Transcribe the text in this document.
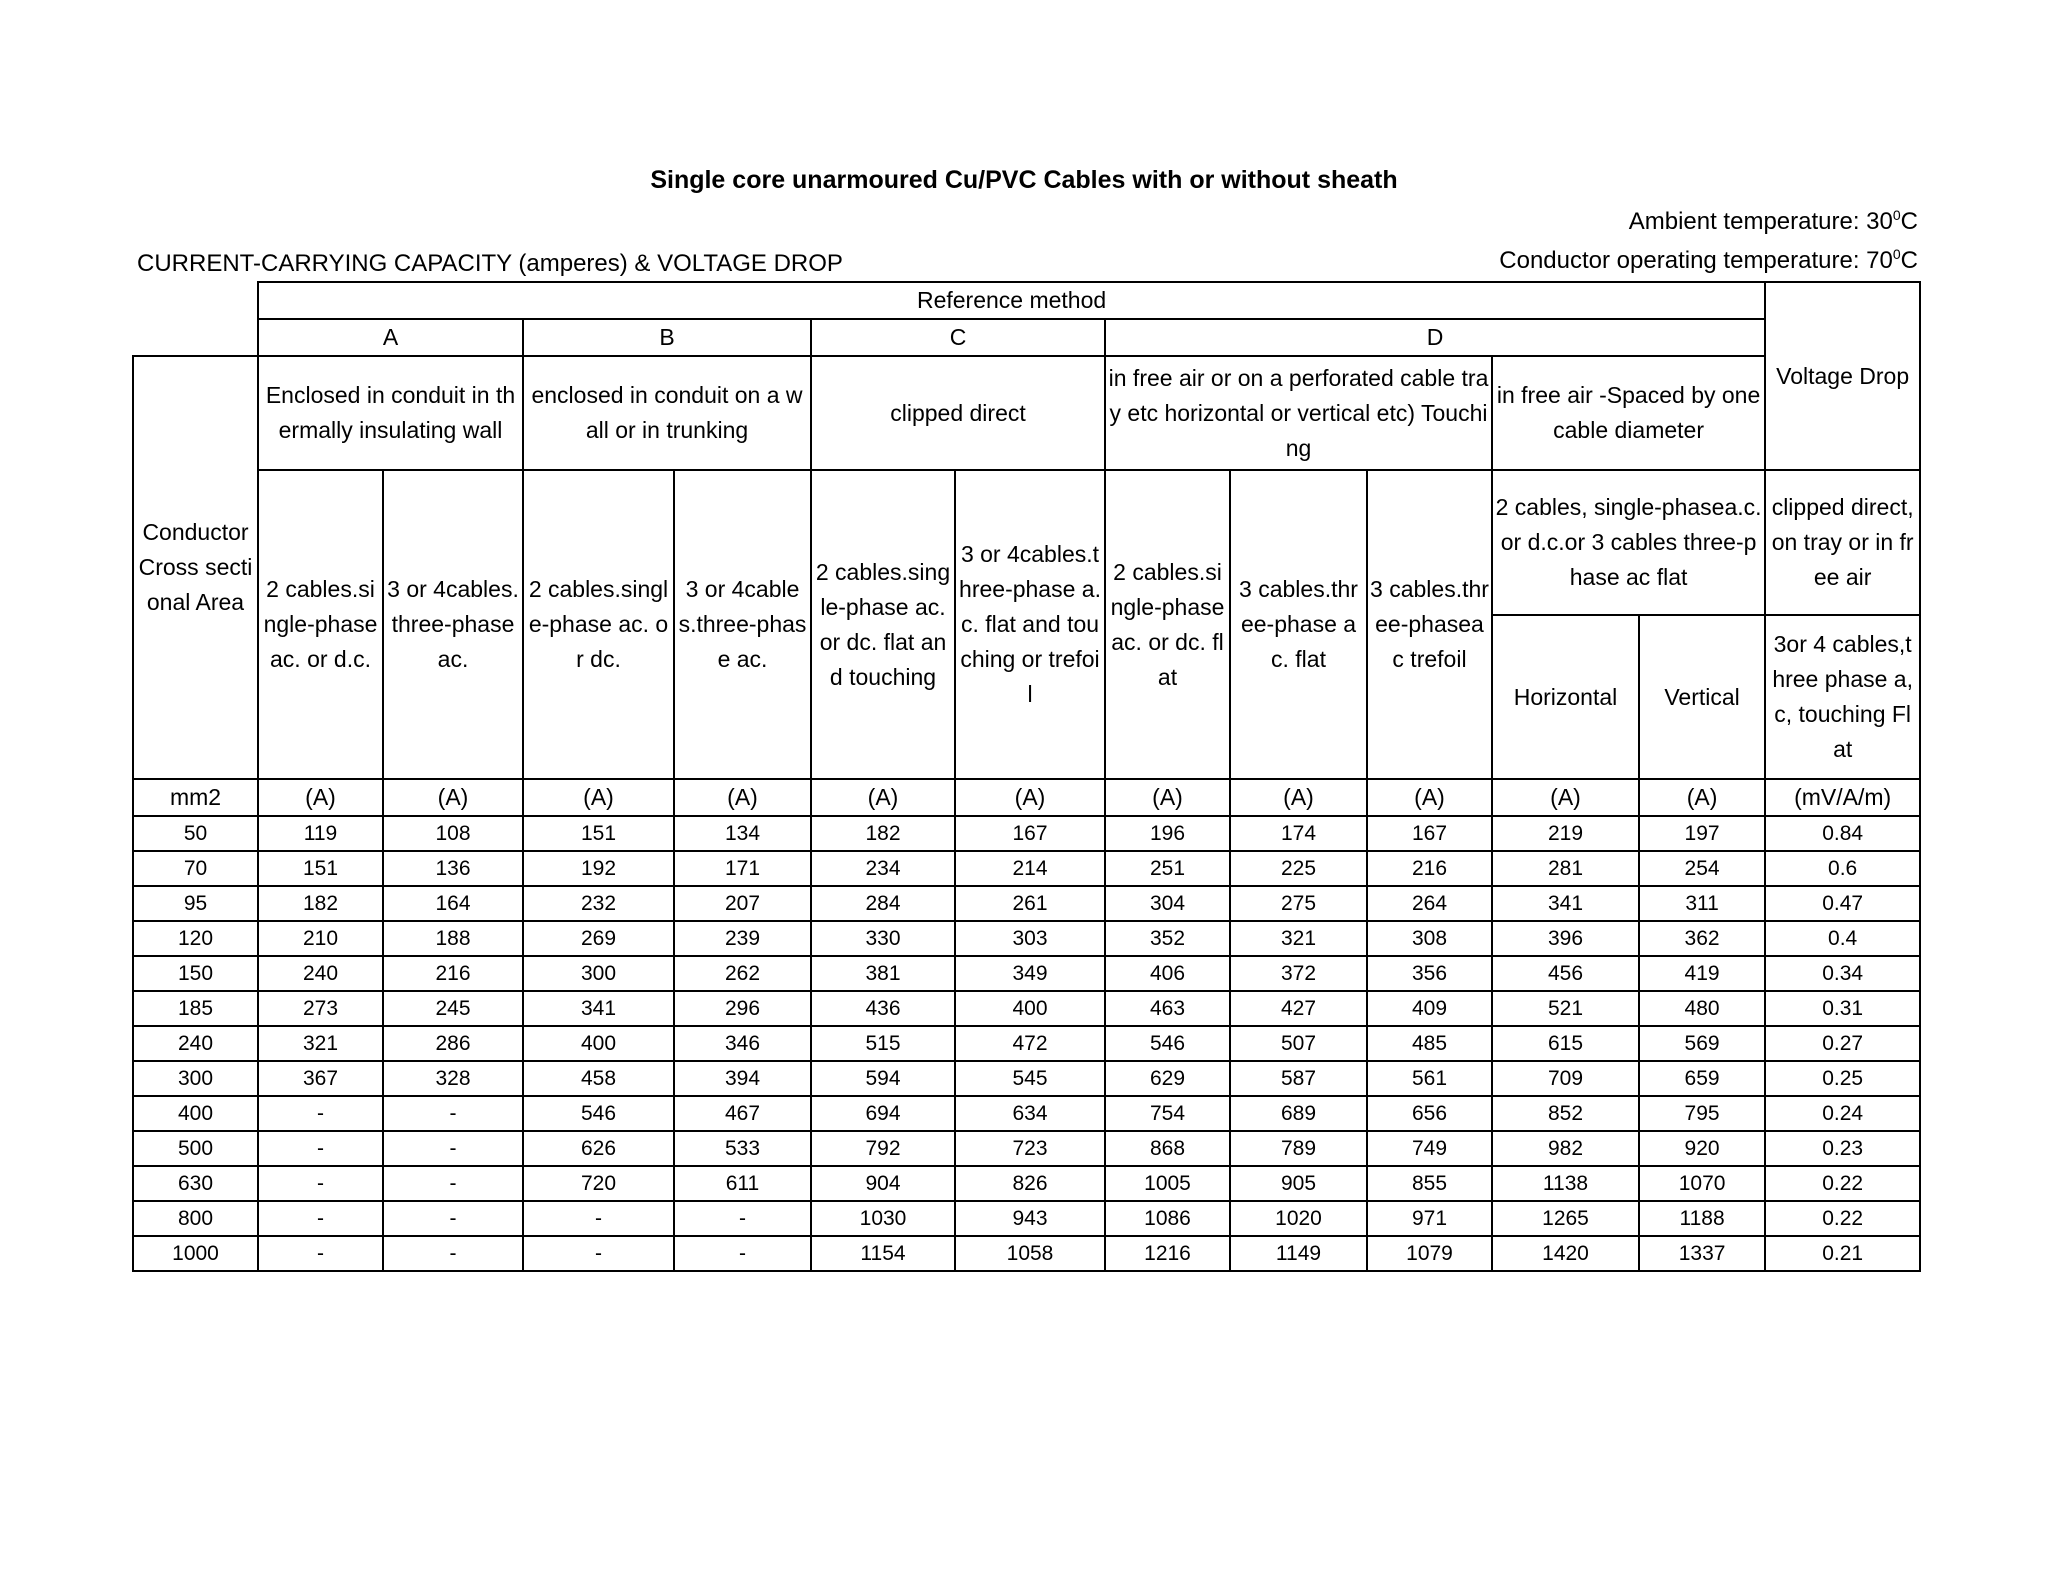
Single core unarmoured Cu/PVC Cables with or without sheath
Ambient temperature: $30^0C$
Conductor operating temperature: $70^0C$
CURRENT-CARRYING CAPACITY (amperes) & VOLTAGE DROP
	Reference method											Voltage Drop
	A		B		C		D					
Conductor Cross sectional Area	Enclosed in conduit in thermally insulating wall		enclosed in conduit on a wall or in trunking		clipped direct		in free air or on a perforated cable tray etc horizontal or vertical etc) Touching			in free air -Spaced by one cable diameter		
	2 cables.single-phase ac. or d.c.	3 or 4cables.three-phase ac.	2 cables.single-phase ac. or dc.	3 or 4cables.three-phase ac.	2 cables.single-phase ac. or dc. flat and touching	3 or 4cables.three-phase a.c. flat and touching or trefoil	2 cables.single-phaseac. or dc. flat	3 cables.three-phase ac. flat	3 cables.three-phaseac trefoil	2 cables, single-phasea.c. or d.c.or 3 cables three-phase ac flat		clipped direct, on tray or in free air
										Horizontal	Vertical	3or 4 cables,three phase a,c, touching Flat
mm2	(A)	(A)	(A)	(A)	(A)	(A)	(A)	(A)	(A)	(A)	(A)	(mV/A/m)
50	119	108	151	134	182	167	196	174	167	219	197	0.84
70	151	136	192	171	234	214	251	225	216	281	254	0.6
95	182	164	232	207	284	261	304	275	264	341	311	0.47
120	210	188	269	239	330	303	352	321	308	396	362	0.4
150	240	216	300	262	381	349	406	372	356	456	419	0.34
185	273	245	341	296	436	400	463	427	409	521	480	0.31
240	321	286	400	346	515	472	546	507	485	615	569	0.27
300	367	328	458	394	594	545	629	587	561	709	659	0.25
400	-	-	546	467	694	634	754	689	656	852	795	0.24
500	-	-	626	533	792	723	868	789	749	982	920	0.23
630	-	-	720	611	904	826	1005	905	855	1138	1070	0.22
800	-	-	-	-	1030	943	1086	1020	971	1265	1188	0.22
1000	-	-	-	-	1154	1058	1216	1149	1079	1420	1337	0.21
